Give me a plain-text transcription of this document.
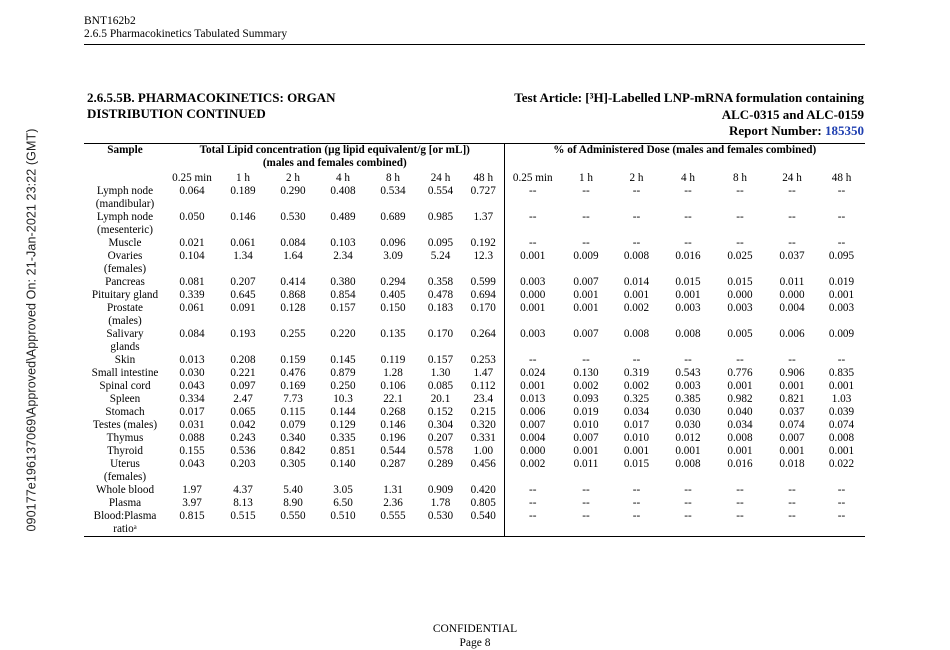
090177e196137069\Approved\Approved On: 21-Jan-2021 23:22 (GMT)
BNT162b2
2.6.5 Pharmacokinetics Tabulated Summary
2.6.5.5B. PHARMACOKINETICS: ORGAN
DISTRIBUTION CONTINUED
Test Article: [³H]-Labelled LNP-mRNA formulation containing
ALC-0315 and ALC-0159
Report Number: 185350
Sample	Total Lipid concentration (µg lipid equivalent/g [or mL])
(males and females combined)							% of Administered Dose (males and females combined)						
	0.25 min	1 h	2 h	4 h	8 h	24 h	48 h	0.25 min	1 h	2 h	4 h	8 h	24 h	48 h

Lymph node
(mandibular)	0.064	0.189	0.290	0.408	0.534	0.554	0.727	--	--	--	--	--	--	--

Lymph node
(mesenteric)	0.050	0.146	0.530	0.489	0.689	0.985	1.37	--	--	--	--	--	--	--

Muscle	0.021	0.061	0.084	0.103	0.096	0.095	0.192	--	--	--	--	--	--	--

Ovaries
(females)	0.104	1.34	1.64	2.34	3.09	5.24	12.3	0.001	0.009	0.008	0.016	0.025	0.037	0.095

Pancreas	0.081	0.207	0.414	0.380	0.294	0.358	0.599	0.003	0.007	0.014	0.015	0.015	0.011	0.019

Pituitary gland	0.339	0.645	0.868	0.854	0.405	0.478	0.694	0.000	0.001	0.001	0.001	0.000	0.000	0.001

Prostate
(males)	0.061	0.091	0.128	0.157	0.150	0.183	0.170	0.001	0.001	0.002	0.003	0.003	0.004	0.003

Salivary
glands	0.084	0.193	0.255	0.220	0.135	0.170	0.264	0.003	0.007	0.008	0.008	0.005	0.006	0.009

Skin	0.013	0.208	0.159	0.145	0.119	0.157	0.253	--	--	--	--	--	--	--

Small intestine	0.030	0.221	0.476	0.879	1.28	1.30	1.47	0.024	0.130	0.319	0.543	0.776	0.906	0.835

Spinal cord	0.043	0.097	0.169	0.250	0.106	0.085	0.112	0.001	0.002	0.002	0.003	0.001	0.001	0.001

Spleen	0.334	2.47	7.73	10.3	22.1	20.1	23.4	0.013	0.093	0.325	0.385	0.982	0.821	1.03

Stomach	0.017	0.065	0.115	0.144	0.268	0.152	0.215	0.006	0.019	0.034	0.030	0.040	0.037	0.039

Testes (males)	0.031	0.042	0.079	0.129	0.146	0.304	0.320	0.007	0.010	0.017	0.030	0.034	0.074	0.074

Thymus	0.088	0.243	0.340	0.335	0.196	0.207	0.331	0.004	0.007	0.010	0.012	0.008	0.007	0.008

Thyroid	0.155	0.536	0.842	0.851	0.544	0.578	1.00	0.000	0.001	0.001	0.001	0.001	0.001	0.001

Uterus
(females)	0.043	0.203	0.305	0.140	0.287	0.289	0.456	0.002	0.011	0.015	0.008	0.016	0.018	0.022

Whole blood	1.97	4.37	5.40	3.05	1.31	0.909	0.420	--	--	--	--	--	--	--

Plasma	3.97	8.13	8.90	6.50	2.36	1.78	0.805	--	--	--	--	--	--	--

Blood:Plasma
ratioᵃ	0.815	0.515	0.550	0.510	0.555	0.530	0.540	--	--	--	--	--	--	--
CONFIDENTIAL
Page 8
